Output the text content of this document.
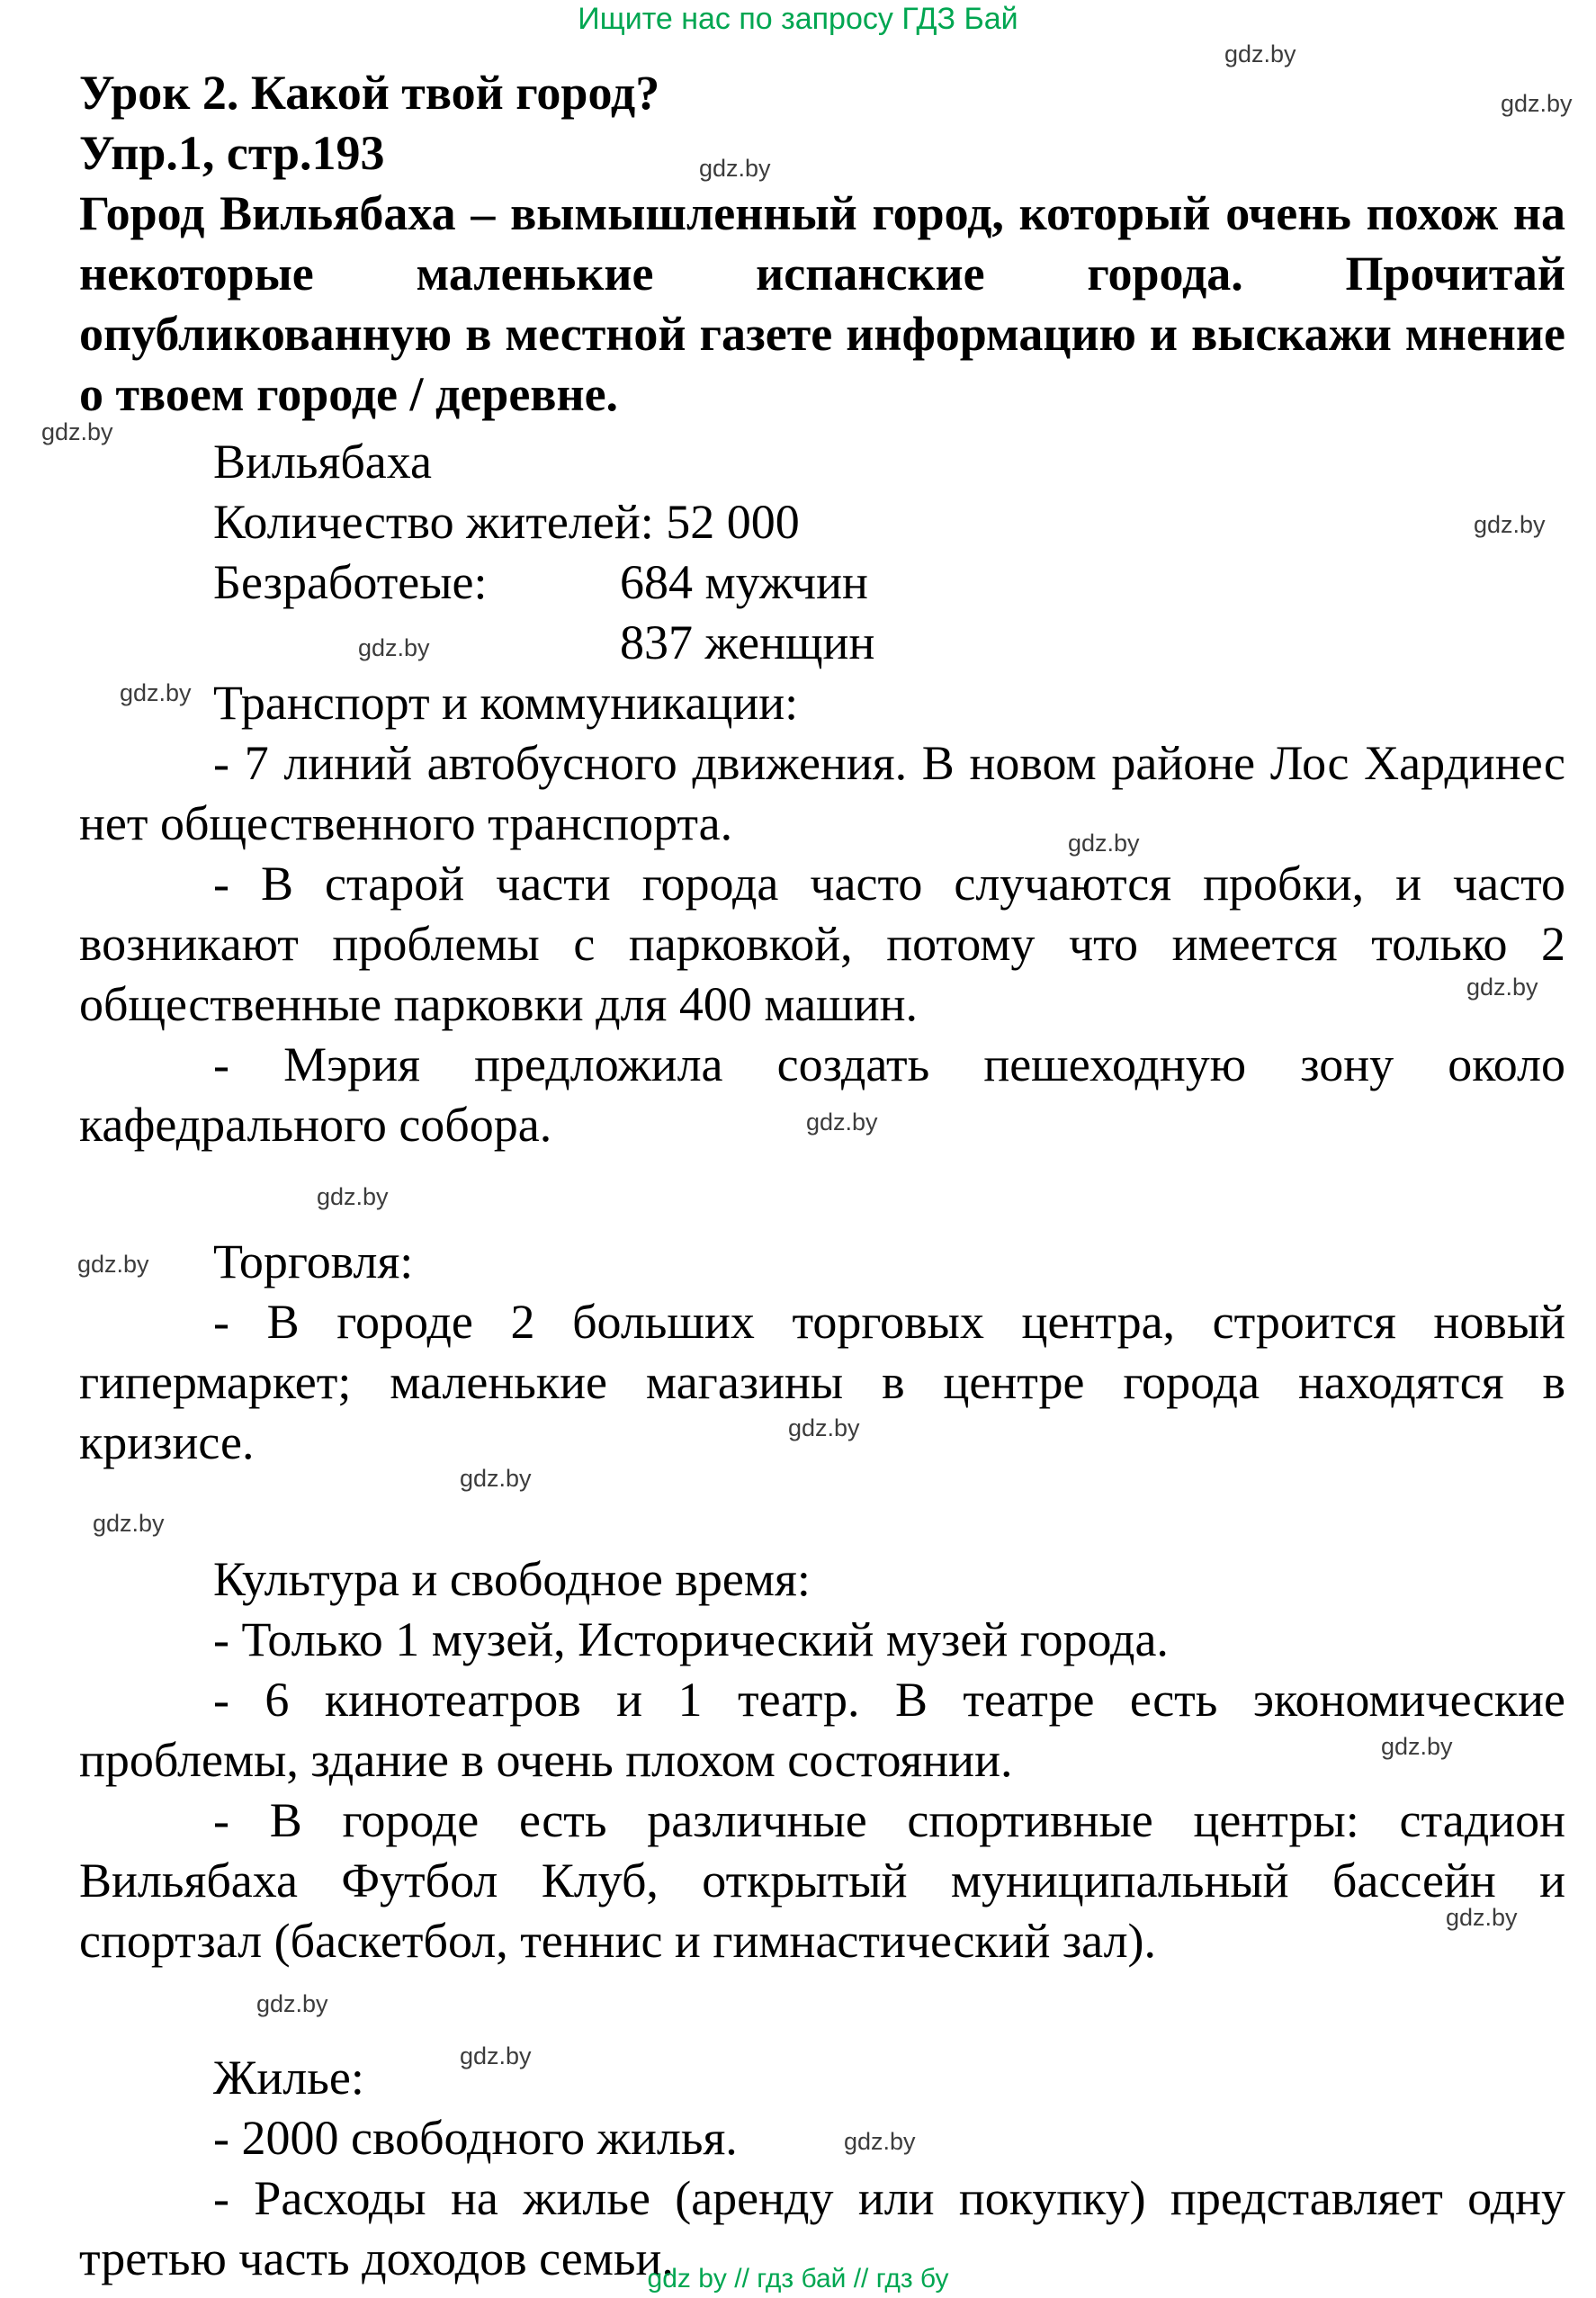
Ищите нас по запросу ГДЗ Бай
Урок 2. Какой твой город?
Упр.1, стр.193

Город Вильябаха – вымышленный город, который очень похож на некоторые маленькие испанские города. Прочитай опубликованную в местной газете информацию и выскажи мнение о твоем городе / деревне.

Вильябаха
Количество жителей: 52 000
Безработеые:	684 мужчин
837 женщин
Транспорт и коммуникации:

- 7 линий автобусного движения. В новом районе Лос Хардинес нет общественного транспорта.

- В старой части города часто случаются пробки, и часто возникают проблемы с парковкой, потому что имеется только 2 общественные парковки для 400 машин.

- Мэрия предложила создать пешеходную зону около кафедрального собора.

Торговля:

- В городе 2 больших торговых центра, строится новый гипермаркет; маленькие магазины в центре города находятся в кризисе.

Культура и свободное время:

- Только 1 музей, Исторический музей города.

- 6 кинотеатров и 1 театр. В театре есть экономические проблемы, здание в очень плохом состоянии.

- В городе есть различные спортивные центры: стадион Вильябаха Футбол Клуб, открытый муниципальный бассейн и спортзал (баскетбол, теннис и гимнастический зал).

Жилье:

- 2000 свободного жилья.

- Расходы на жилье (аренду или покупку) представляет одну третью часть доходов семьи.

gdz.by
gdz.by
gdz.by
gdz.by
gdz.by
gdz.by
gdz.by
gdz.by
gdz.by
gdz.by
gdz.by
gdz.by
gdz.by
gdz.by
gdz.by
gdz.by
gdz.by
gdz.by
gdz.by
gdz.by
gdz by // гдз бай // гдз бу
